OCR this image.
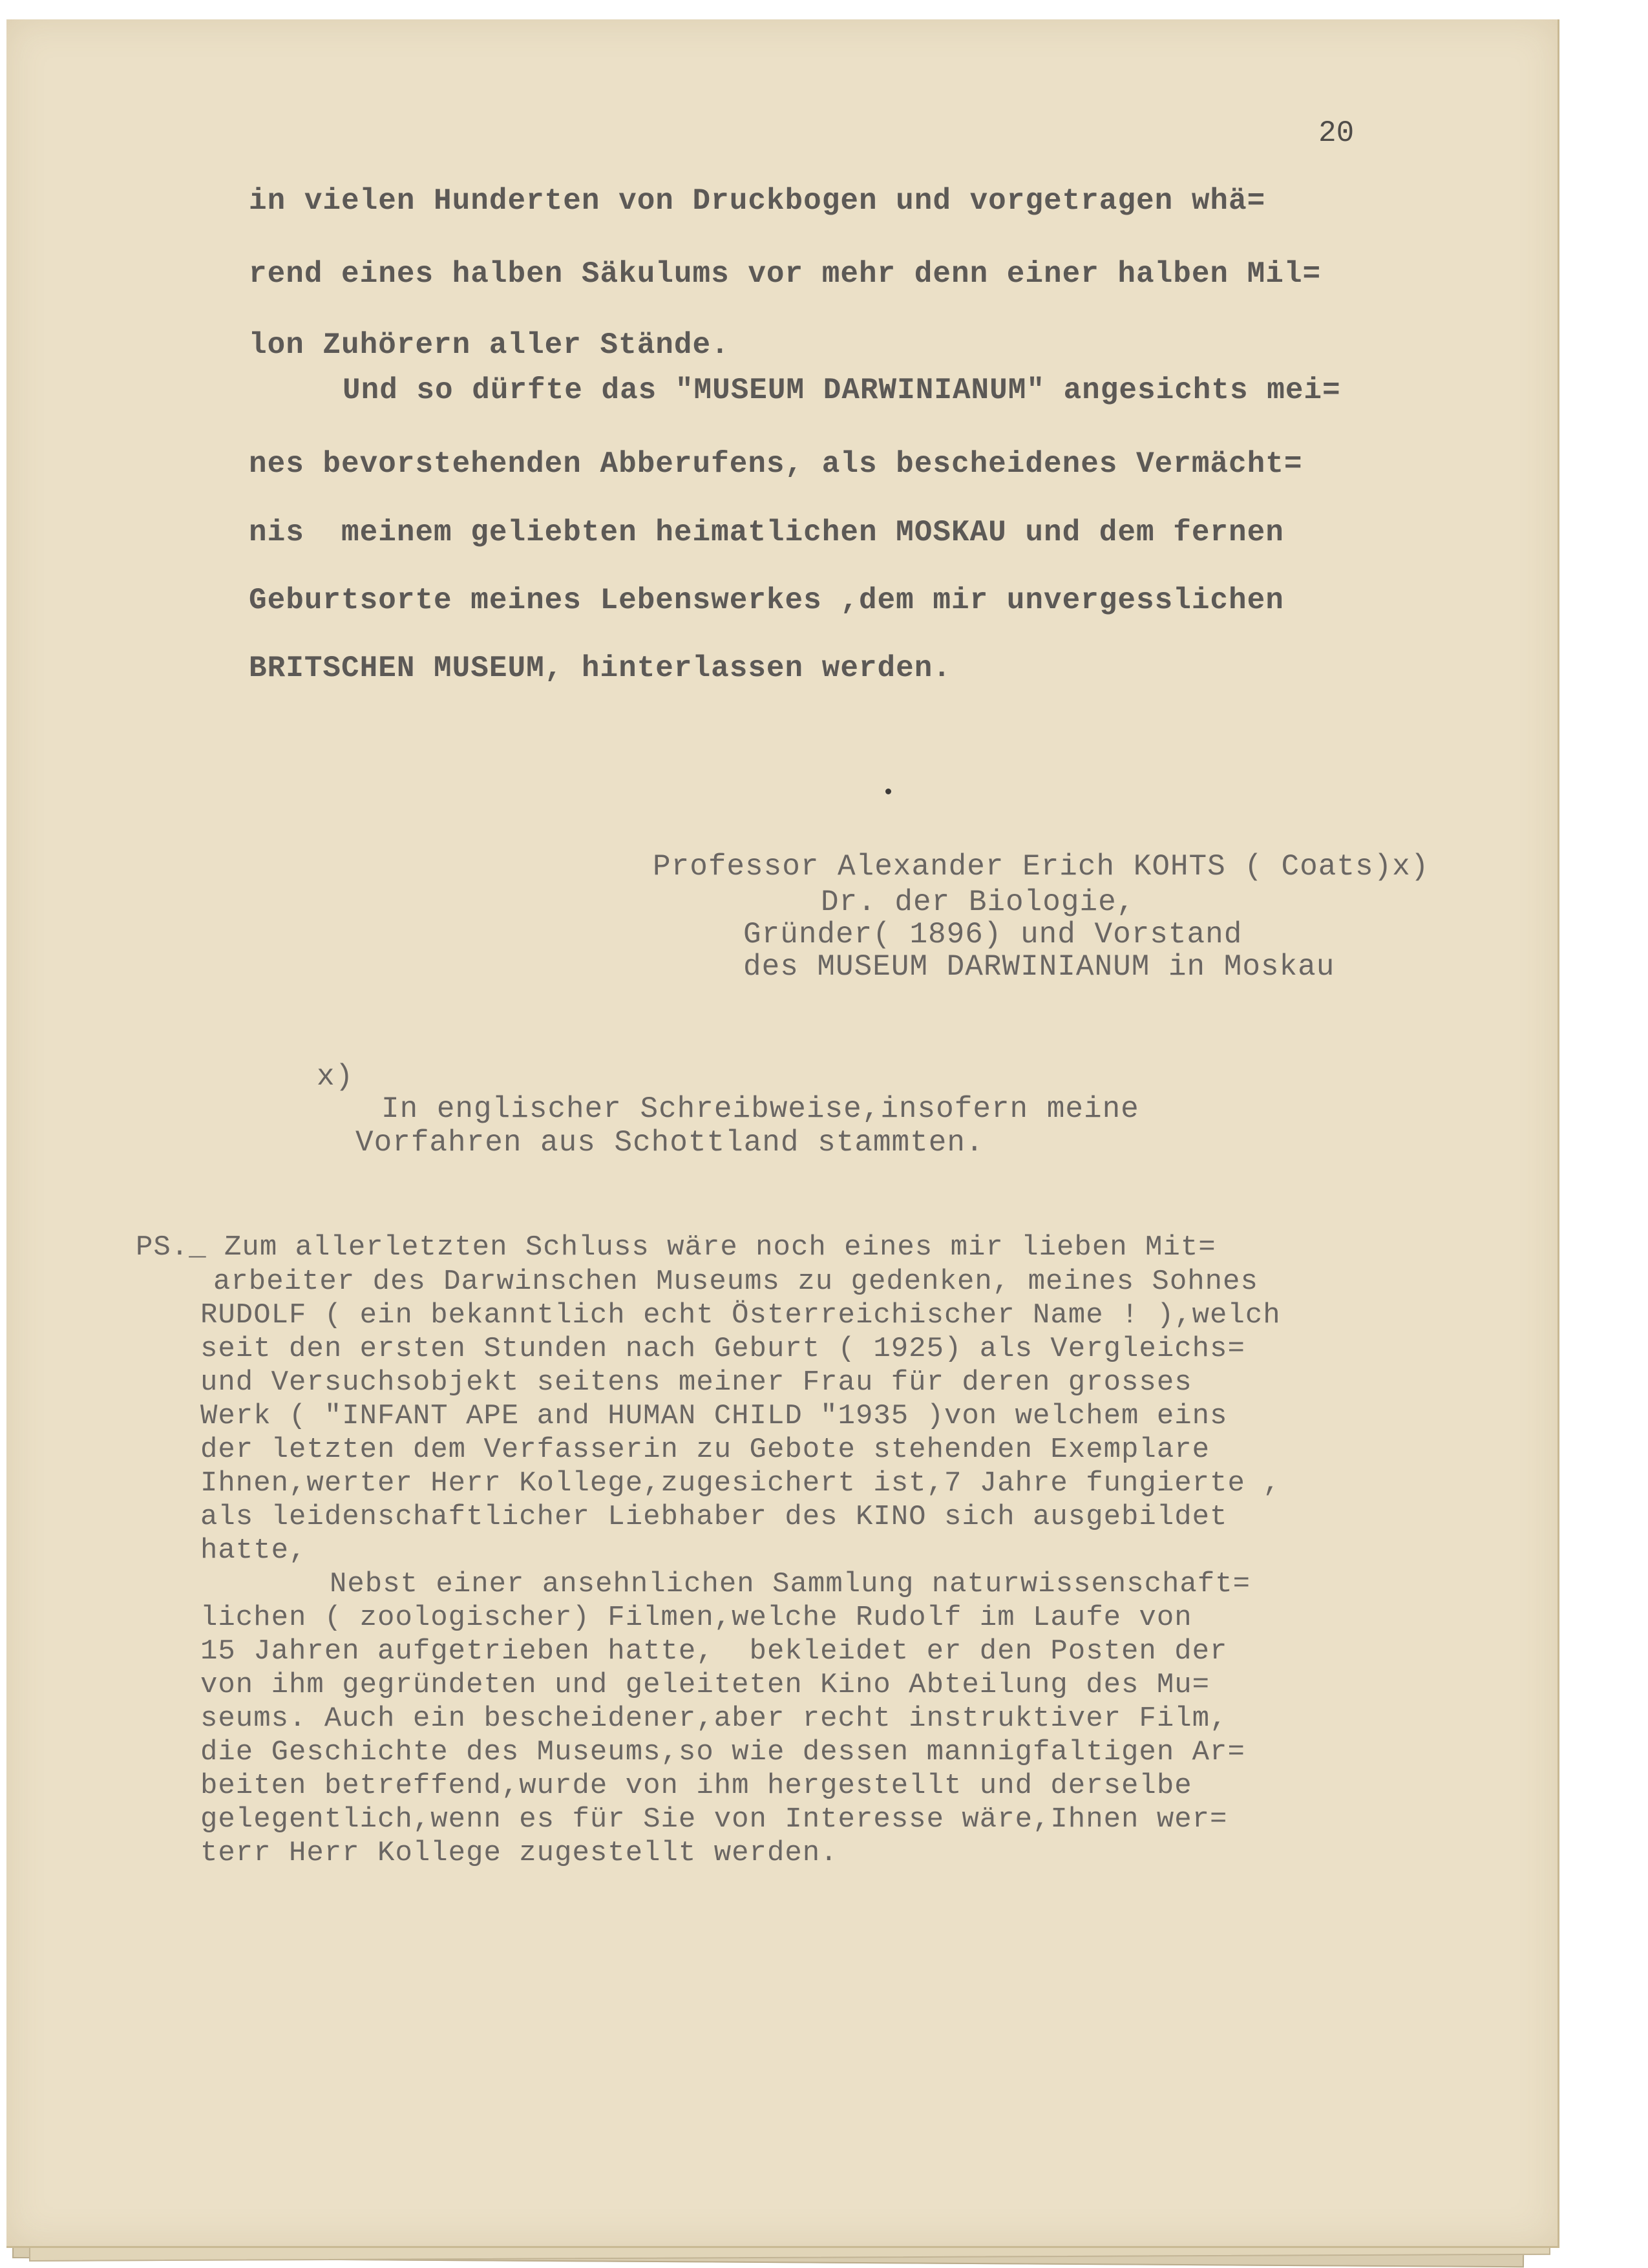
20

in vielen Hunderten von Druckbogen und vorgetragen whä=

rend eines halben Säkulums vor mehr denn einer halben Mil=

lon Zuhörern aller Stände.

Und so dürfte das "MUSEUM DARWINIANUM" angesichts mei=

nes bevorstehenden Abberufens, als bescheidenes Vermächt=

nis  meinem geliebten heimatlichen MOSKAU und dem fernen

Geburtsorte meines Lebenswerkes ,dem mir unvergesslichen

BRITSCHEN MUSEUM, hinterlassen werden.

Professor Alexander Erich KOHTS ( Coats)x)

Dr. der Biologie,

Gründer( 1896) und Vorstand

des MUSEUM DARWINIANUM in Moskau

x)

In englischer Schreibweise,insofern meine

Vorfahren aus Schottland stammten.

PS._ Zum allerletzten Schluss wäre noch eines mir lieben Mit=

arbeiter des Darwinschen Museums zu gedenken, meines Sohnes

RUDOLF ( ein bekanntlich echt Österreichischer Name ! ),welch

seit den ersten Stunden nach Geburt ( 1925) als Vergleichs=

und Versuchsobjekt seitens meiner Frau für deren grosses

Werk ( "INFANT APE and HUMAN CHILD "1935 )von welchem eins

der letzten dem Verfasserin zu Gebote stehenden Exemplare

Ihnen,werter Herr Kollege,zugesichert ist,7 Jahre fungierte ,

als leidenschaftlicher Liebhaber des KINO sich ausgebildet

hatte,

Nebst einer ansehnlichen Sammlung naturwissenschaft=

lichen ( zoologischer) Filmen,welche Rudolf im Laufe von

15 Jahren aufgetrieben hatte,  bekleidet er den Posten der

von ihm gegründeten und geleiteten Kino Abteilung des Mu=

seums. Auch ein bescheidener,aber recht instruktiver Film,

die Geschichte des Museums,so wie dessen mannigfaltigen Ar=

beiten betreffend,wurde von ihm hergestellt und derselbe

gelegentlich,wenn es für Sie von Interesse wäre,Ihnen wer=

terr Herr Kollege zugestellt werden.
